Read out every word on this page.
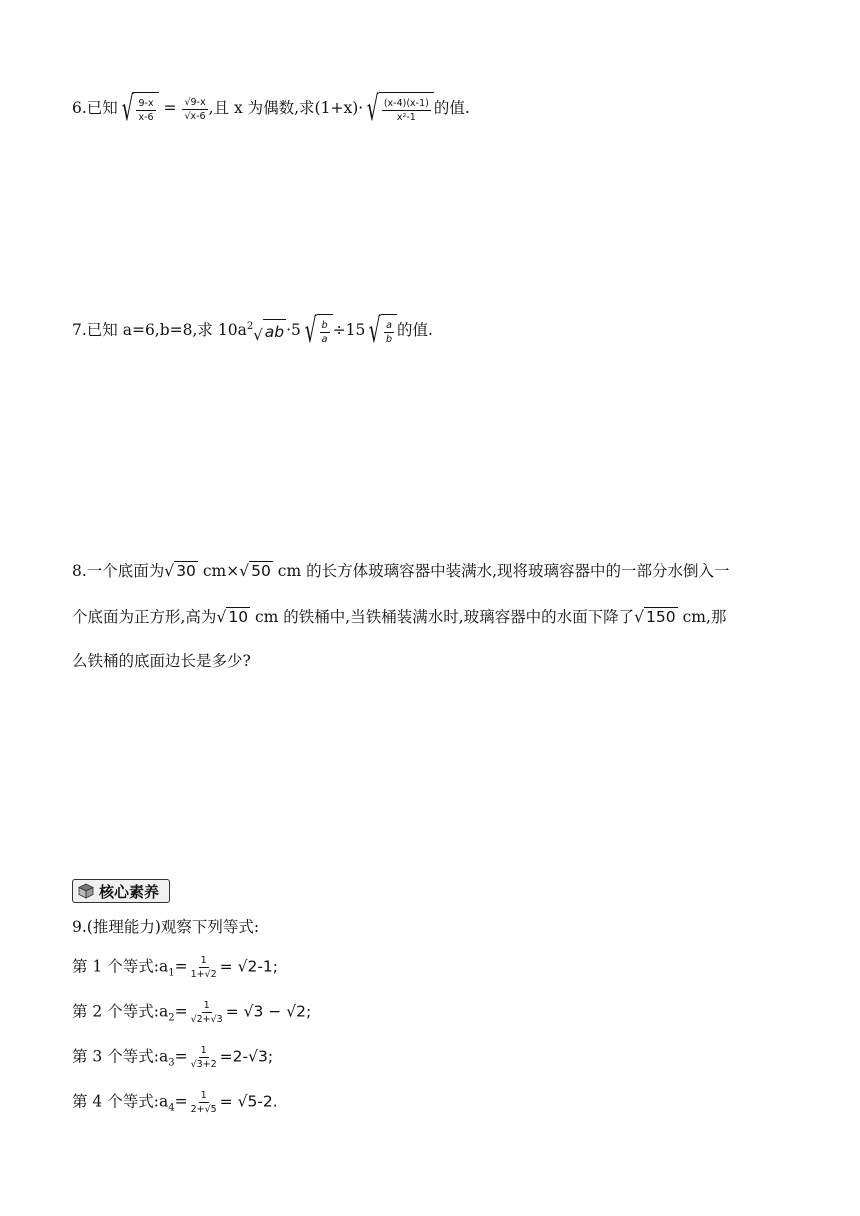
6.已知 √ $\frac{9-x}{x-6} = \frac{√9-x}{√x-6}$ ,且 x 为偶数,求(1+x)· √ $\frac{(x-4)(x-1)}{\text{x²-1}}$ 的值.
7.已知 a=6,b=8,求 $10a^2$ √ ab ·5 √ $\frac{b}{a} \div 15$ √ $\frac{a}{b}$ 的值.
8.一个底面为√ 30 cm×√ 50 cm 的长方体玻璃容器中装满水,现将玻璃容器中的一部分水倒入一
个底面为正方形,高为√ 10 cm 的铁桶中,当铁桶装满水时,玻璃容器中的水面下降了√ 150 cm,那
么铁桶的底面边长是多少?
核心素养
9.(推理能力)观察下列等式:
第 1 个等式$:a_1= \frac{1}{1+√2} = √2-1$;
第 2 个等式$:a_2= \frac{1}{√2+√3} = √3 - √2$;
第 3 个等式$:a_3= \frac{1}{√3+2} =2-√3$;
第 4 个等式$:a_4= \frac{1}{2+√5} = √5-2$.
